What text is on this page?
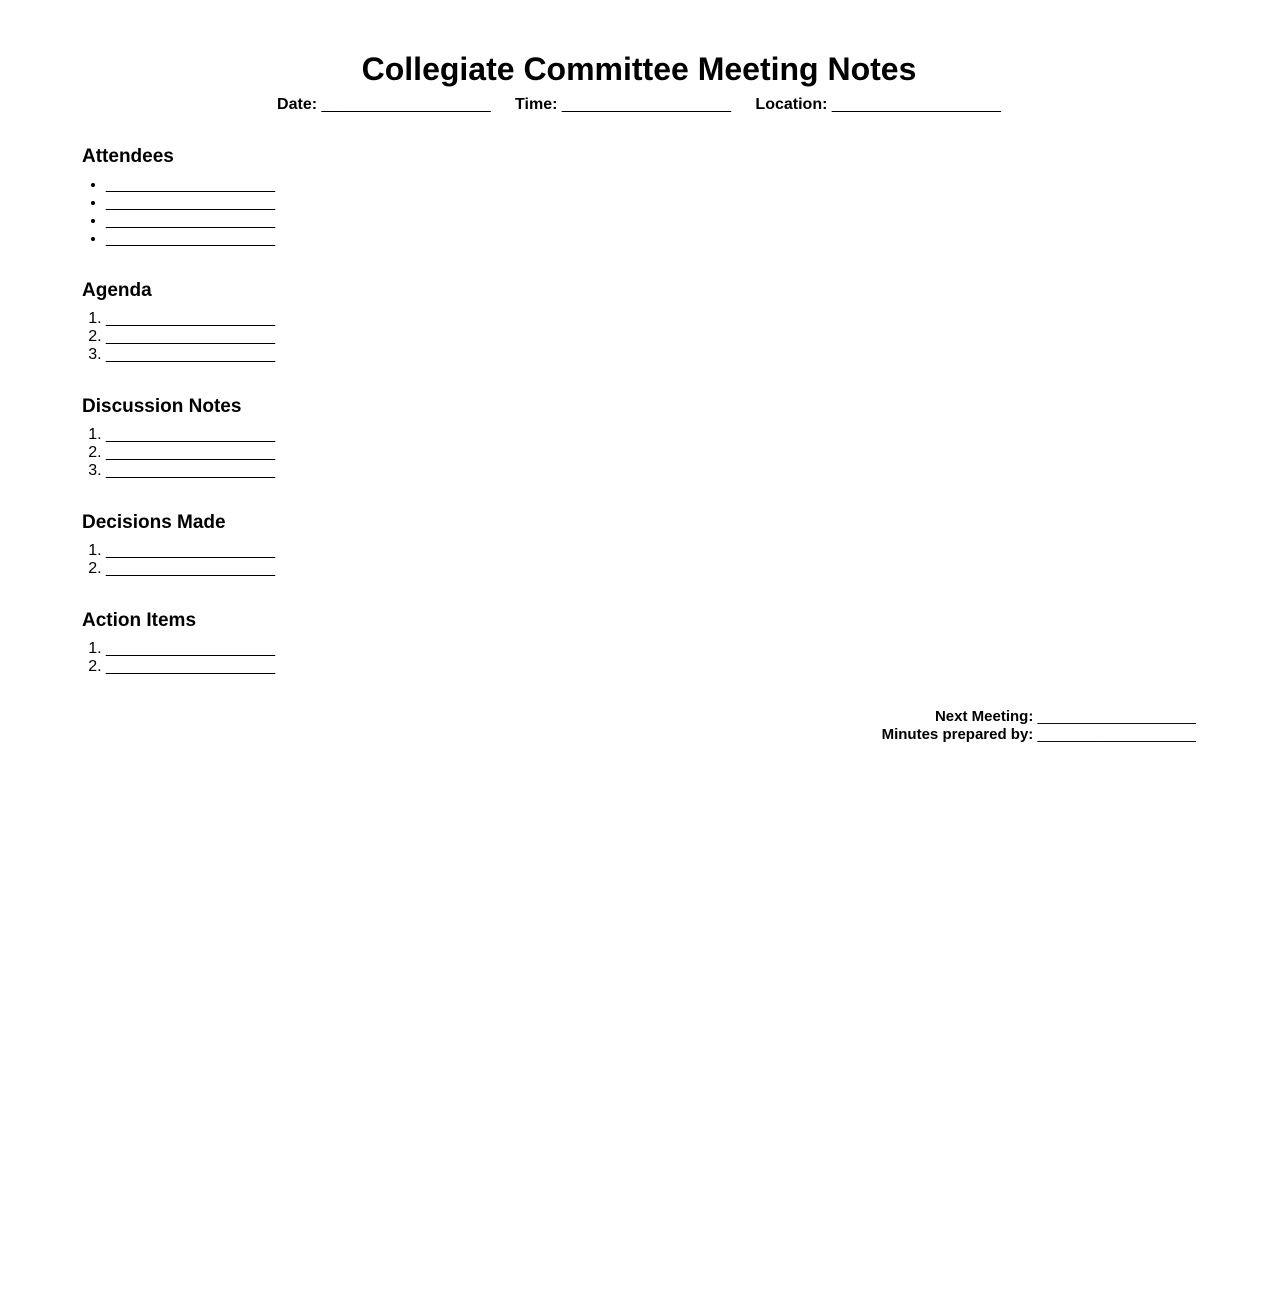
Collegiate Committee Meeting Notes
Date: ___________________ Time: ___________________ Location: ___________________
Attendees
• ___________________
• ___________________
• ___________________
• ___________________
Agenda
1. ___________________
2. ___________________
3. ___________________
Discussion Notes
1. ___________________
2. ___________________
3. ___________________
Decisions Made
1. ___________________
2. ___________________
Action Items
1. ___________________
2. ___________________
Next Meeting: ___________________
Minutes prepared by: ___________________
